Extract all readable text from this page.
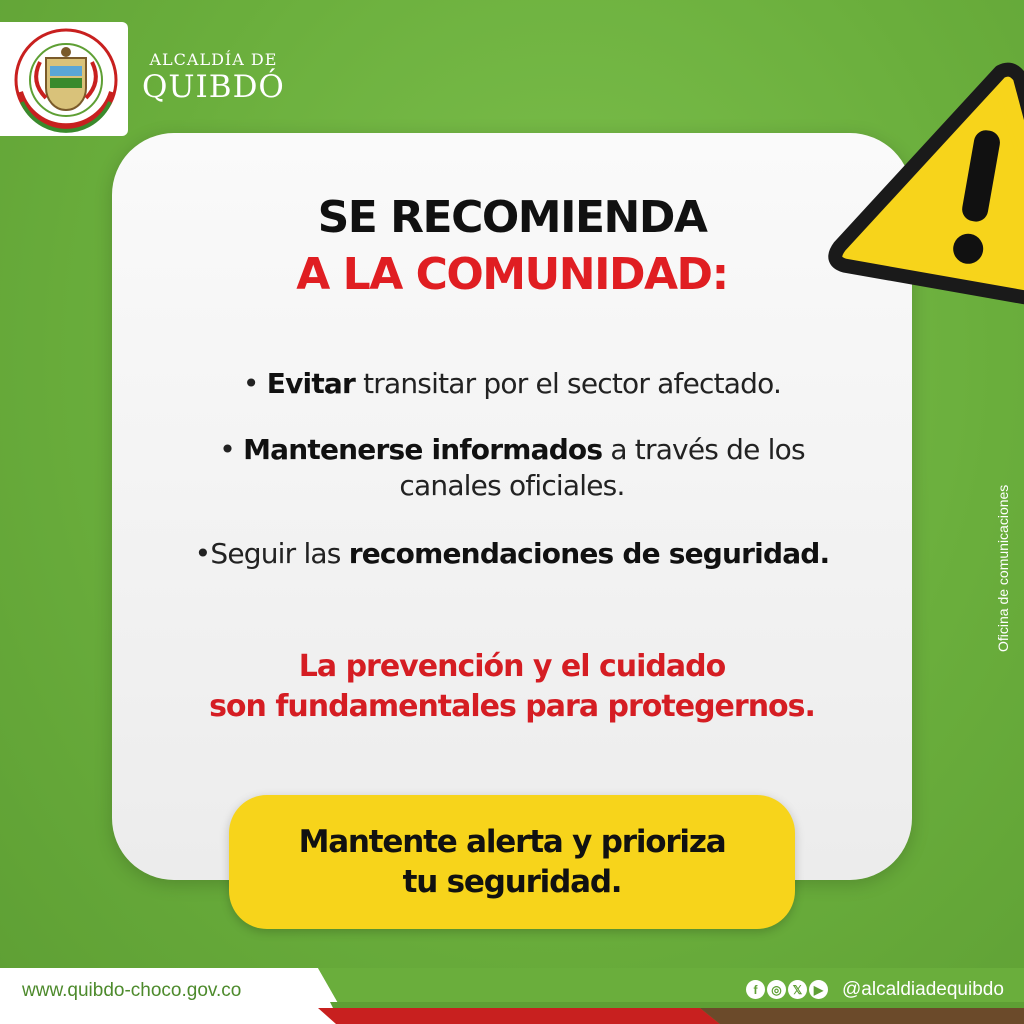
ALCALDÍA DE
QUIBDÓ
SE RECOMIENDA
A LA COMUNIDAD:
• Evitar transitar por el sector afectado.
• Mantenerse informados a través de los
canales oficiales.
•Seguir las recomendaciones de seguridad.
La prevención y el cuidado
son fundamentales para protegernos.
Mantente alerta y prioriza
tu seguridad.
Oficina de comunicaciones
www.quibdo-choco.gov.co	f	◎ 𝕏 ▶ @alcaldiadequibdo
